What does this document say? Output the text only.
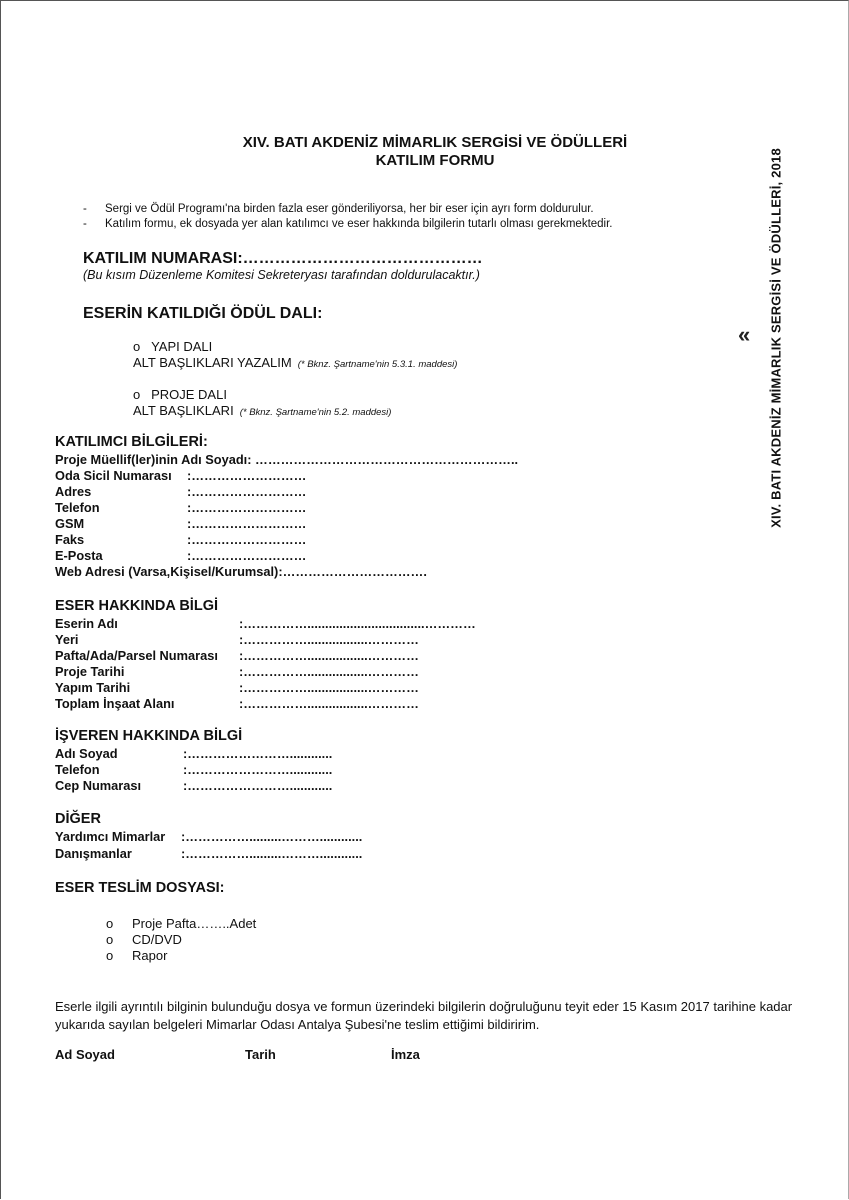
XIV. BATI AKDENİZ MİMARLIK SERGİSİ VE ÖDÜLLERİ
KATILIM FORMU
- Sergi ve Ödül Programı'na birden fazla eser gönderiliyorsa, her bir eser için ayrı form doldurulur.
- Katılım formu, ek dosyada yer alan katılımcı ve eser hakkında bilgilerin tutarlı olması gerekmektedir.
KATILIM NUMARASI:………………………………………
(Bu kısım Düzenleme Komitesi Sekreteryası tarafından doldurulacaktır.)
ESERİN KATILDIĞI ÖDÜL DALI:
o YAPI DALI
ALT BAŞLIKLARI YAZALIM (* Bknz. Şartname'nin 5.3.1. maddesi)
o PROJE DALI
ALT BAŞLIKLARI (* Bknz. Şartname'nin 5.2. maddesi)
KATILIMCI BİLGİLERİ:
Proje Müellif(ler)inin Adı Soyadı: ……………………………………………………..
Oda Sicil Numarası :………………………
Adres	:………………………
Telefon	:………………………
GSM	:………………………
Faks	:………………………
E-Posta	:………………………
Web Adresi (Varsa,Kişisel/Kurumsal):…………………………….
ESER HAKKINDA BİLGİ
Eserin Adı	:…………….................................…………
Yeri	:…………….................…………
Pafta/Ada/Parsel Numarası :…………….................…………
Proje Tarihi	:…………….................…………
Yapım Tarihi	:…………….................…………
Toplam İnşaat Alanı	:…………….................…………
İŞVEREN HAKKINDA BİLGİ
Adı Soyad	:……………………............
Telefon	:……………………............
Cep Numarası	:……………………............
DİĞER
Yardımcı Mimarlar :…………….........………............
Danışmanlar	:…………….........………............
ESER TESLİM DOSYASI:
o Proje Pafta……..Adet
o CD/DVD
o Rapor
Eserle ilgili ayrıntılı bilginin bulunduğu dosya ve formun üzerindeki bilgilerin doğruluğunu teyit eder 15 Kasım 2017 tarihine kadar yukarıda sayılan belgeleri Mimarlar Odası Antalya Şubesi'ne teslim ettiğimi bildiririm.
Ad Soyad	Tarih	İmza
« XIV. BATI AKDENİZ MİMARLIK SERGİSİ VE ÖDÜLLERİ, 2018
